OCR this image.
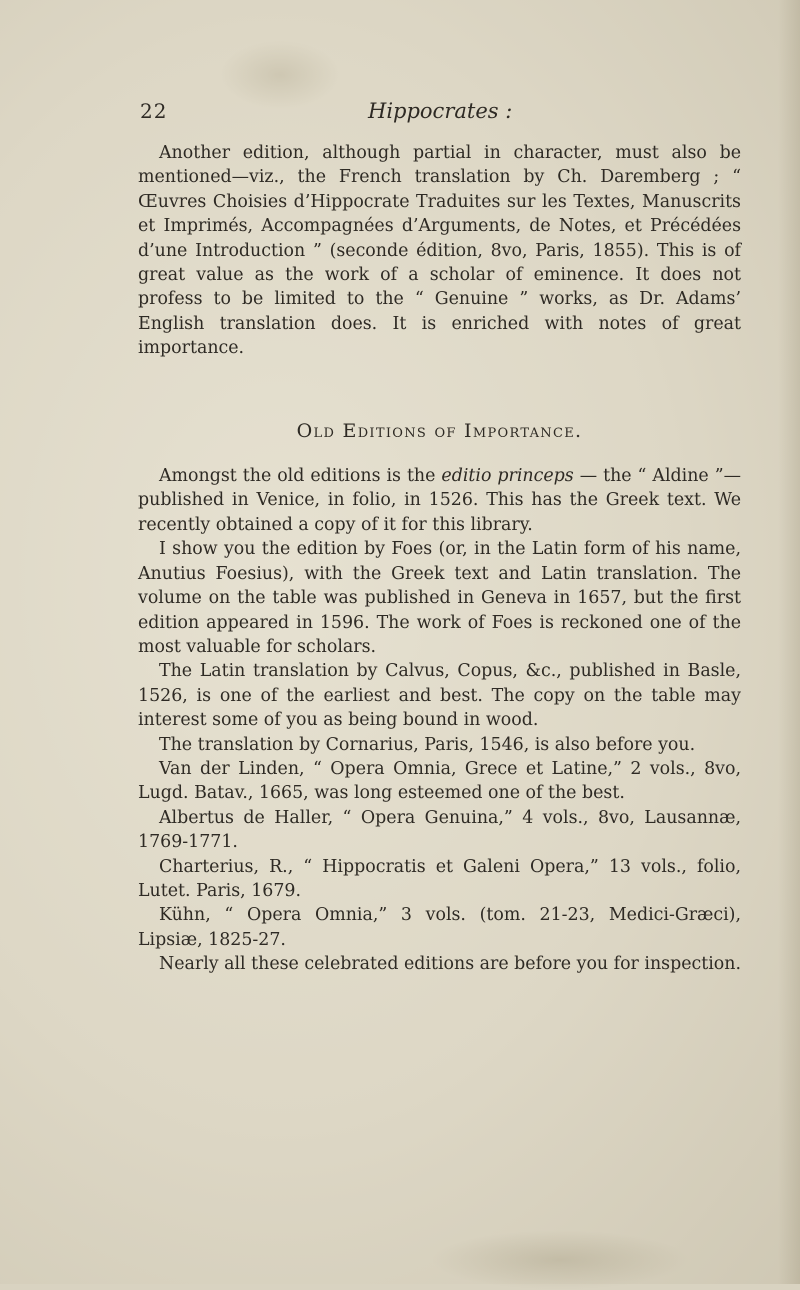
22	Hippocrates :

Another edition, although partial in character, must also be mentioned—viz., the French translation by Ch. Daremberg ; “ Œuvres Choisies d’Hippocrate Traduites sur les Textes, Manuscrits et Imprimés, Accompagnées d’Arguments, de Notes, et Précédées d’une Introduction ” (seconde édition, 8vo, Paris, 1855). This is of great value as the work of a scholar of eminence. It does not profess to be limited to the “ Genuine ” works, as Dr. Adams’ English translation does. It is enriched with notes of great importance.

Old Editions of Importance.

Amongst the old editions is the editio princeps — the “ Aldine ”—published in Venice, in folio, in 1526. This has the Greek text. We recently obtained a copy of it for this library.

I show you the edition by Foes (or, in the Latin form of his name, Anutius Foesius), with the Greek text and Latin translation. The volume on the table was published in Geneva in 1657, but the first edition appeared in 1596. The work of Foes is reckoned one of the most valuable for scholars.

The Latin translation by Calvus, Copus, &c., published in Basle, 1526, is one of the earliest and best. The copy on the table may interest some of you as being bound in wood.

The translation by Cornarius, Paris, 1546, is also before you.

Van der Linden, “ Opera Omnia, Grece et Latine,” 2 vols., 8vo, Lugd. Batav., 1665, was long esteemed one of the best.

Albertus de Haller, “ Opera Genuina,” 4 vols., 8vo, Lausannæ, 1769-1771.

Charterius, R., “ Hippocratis et Galeni Opera,” 13 vols., folio, Lutet. Paris, 1679.

Kühn, “ Opera Omnia,” 3 vols. (tom. 21-23, Medici-Græci), Lipsiæ, 1825-27.

Nearly all these celebrated editions are before you for inspection.
